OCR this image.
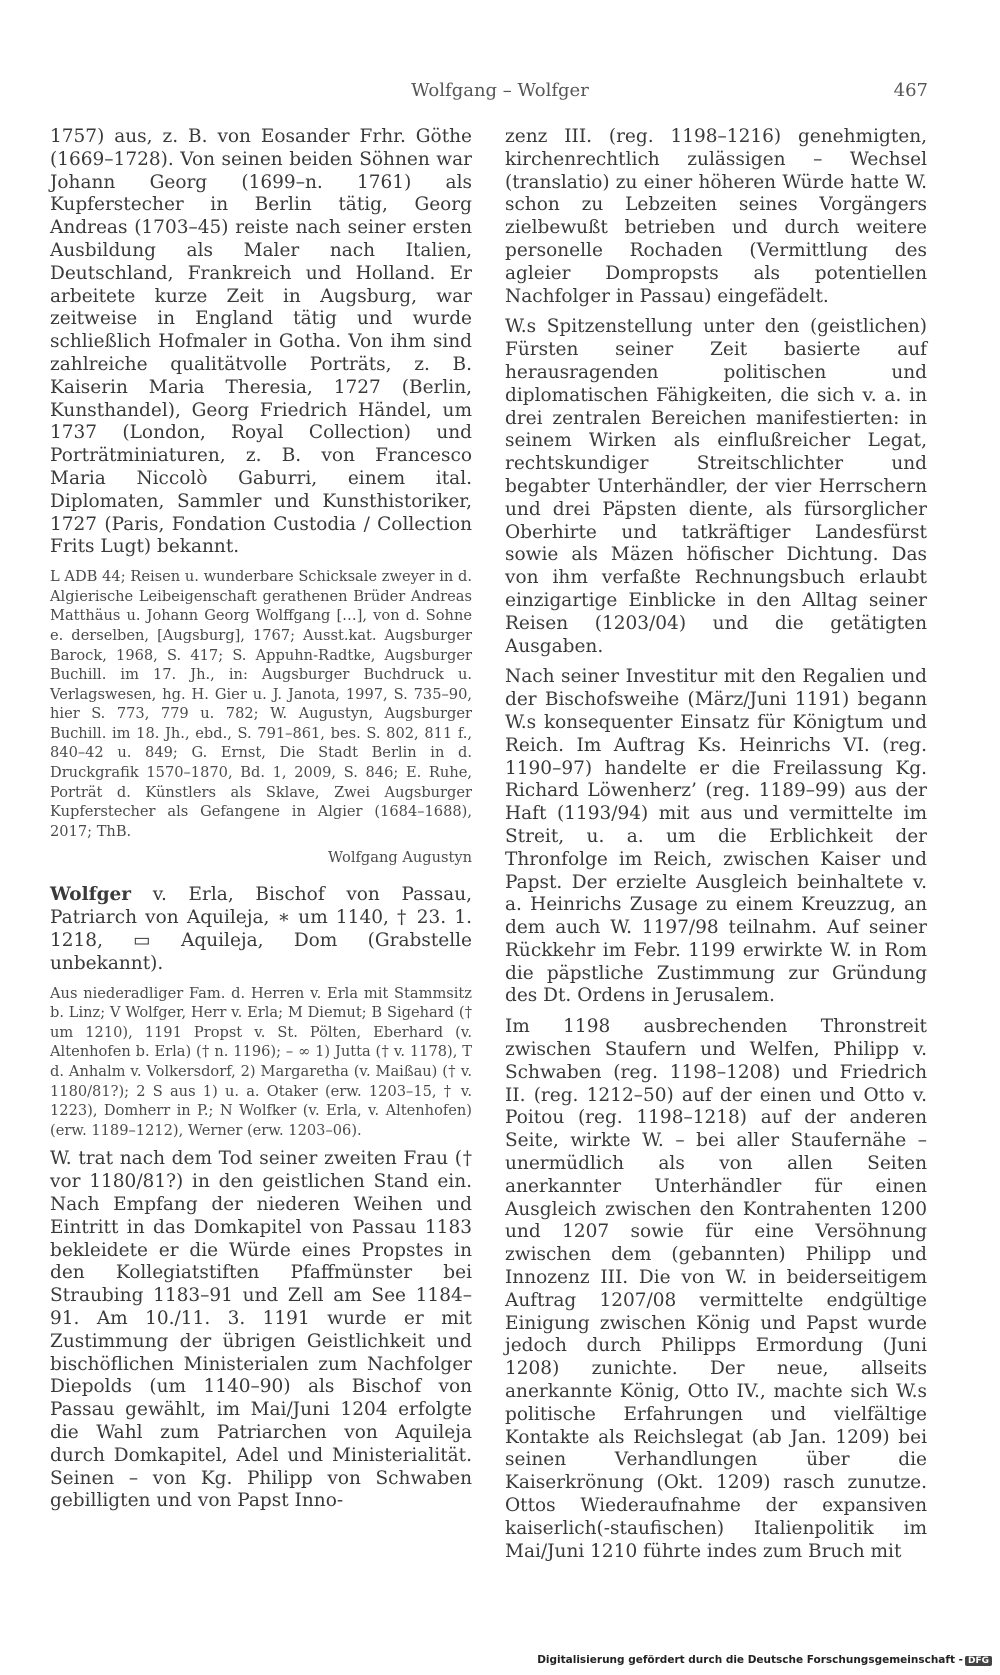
Wolfgang – Wolfger	467

1757) aus, z. B. von Eosander Frhr. Göthe (1669–1728). Von seinen beiden Söhnen war Johann Georg (1699–n. 1761) als Kupferstecher in Berlin tätig, Georg Andreas (1703–45) reiste nach seiner ersten Ausbildung als Maler nach Italien, Deutschland, Frankreich und Holland. Er arbeitete kurze Zeit in Augsburg, war zeitweise in England tätig und wurde schließlich Hofmaler in Gotha. Von ihm sind zahlreiche qualitätvolle Porträts, z. B. Kaiserin Maria Theresia, 1727 (Berlin, Kunsthandel), Georg Friedrich Händel, um 1737 (London, Royal Collection) und Porträtminiaturen, z. B. von Francesco Maria Niccolò Gaburri, einem ital. Diplomaten, Sammler und Kunsthistoriker, 1727 (Paris, Fondation Custodia / Collection Frits Lugt) bekannt.

L ADB 44; Reisen u. wunderbare Schicksale zweyer in d. Algierische Leibeigenschaft gerathenen Brüder Andreas Matthäus u. Johann Georg Wolffgang […], von d. Sohne e. derselben, [Augsburg], 1767; Ausst.kat. Augsburger Barock, 1968, S. 417; S. Appuhn-Radtke, Augsburger Buchill. im 17. Jh., in: Augsburger Buchdruck u. Verlagswesen, hg. H. Gier u. J. Janota, 1997, S. 735–90, hier S. 773, 779 u. 782; W. Augustyn, Augsburger Buchill. im 18. Jh., ebd., S. 791–861, bes. S. 802, 811 f., 840–42 u. 849; G. Ernst, Die Stadt Berlin in d. Druckgrafik 1570–1870, Bd. 1, 2009, S. 846; E. Ruhe, Porträt d. Künstlers als Sklave, Zwei Augsburger Kupferstecher als Gefangene in Algier (1684–1688), 2017; ThB.

Wolfgang Augustyn

Wolfger v. Erla, Bischof von Passau, Patriarch von Aquileja, ∗ um 1140, † 23. 1. 1218, ▭ Aquileja, Dom (Grabstelle unbekannt).

Aus niederadliger Fam. d. Herren v. Erla mit Stammsitz b. Linz; V Wolfger, Herr v. Erla; M Diemut; B Sigehard († um 1210), 1191 Propst v. St. Pölten, Eberhard (v. Altenhofen b. Erla) († n. 1196); – ∞ 1) Jutta († v. 1178), T d. Anhalm v. Volkersdorf, 2) Margaretha (v. Maißau) († v. 1180/81?); 2 S aus 1) u. a. Otaker (erw. 1203–15, † v. 1223), Domherr in P.; N Wolfker (v. Erla, v. Altenhofen) (erw. 1189–1212), Werner (erw. 1203–06).

W. trat nach dem Tod seiner zweiten Frau († vor 1180/81?) in den geistlichen Stand ein. Nach Empfang der niederen Weihen und Eintritt in das Domkapitel von Passau 1183 bekleidete er die Würde eines Propstes in den Kollegiatstiften Pfaffmünster bei Straubing 1183–91 und Zell am See 1184–91. Am 10./11. 3. 1191 wurde er mit Zustimmung der übrigen Geistlichkeit und bischöflichen Ministerialen zum Nachfolger Diepolds (um 1140–90) als Bischof von Passau gewählt, im Mai/Juni 1204 erfolgte die Wahl zum Patriarchen von Aquileja durch Domkapitel, Adel und Ministerialität. Seinen – von Kg. Philipp von Schwaben gebilligten und von Papst Inno-

zenz III. (reg. 1198–1216) genehmigten, kirchenrechtlich zulässigen – Wechsel (translatio) zu einer höheren Würde hatte W. schon zu Lebzeiten seines Vorgängers zielbewußt betrieben und durch weitere personelle Rochaden (Vermittlung des agleier Dompropsts als potentiellen Nachfolger in Passau) eingefädelt.

W.s Spitzenstellung unter den (geistlichen) Fürsten seiner Zeit basierte auf herausragenden politischen und diplomatischen Fähigkeiten, die sich v. a. in drei zentralen Bereichen manifestierten: in seinem Wirken als einflußreicher Legat, rechtskundiger Streitschlichter und begabter Unterhändler, der vier Herrschern und drei Päpsten diente, als fürsorglicher Oberhirte und tatkräftiger Landesfürst sowie als Mäzen höfischer Dichtung. Das von ihm verfaßte Rechnungsbuch erlaubt einzigartige Einblicke in den Alltag seiner Reisen (1203/04) und die getätigten Ausgaben.

Nach seiner Investitur mit den Regalien und der Bischofsweihe (März/Juni 1191) begann W.s konsequenter Einsatz für Königtum und Reich. Im Auftrag Ks. Heinrichs VI. (reg. 1190–97) handelte er die Freilassung Kg. Richard Löwenherz’ (reg. 1189–99) aus der Haft (1193/94) mit aus und vermittelte im Streit, u. a. um die Erblichkeit der Thronfolge im Reich, zwischen Kaiser und Papst. Der erzielte Ausgleich beinhaltete v. a. Heinrichs Zusage zu einem Kreuzzug, an dem auch W. 1197/98 teilnahm. Auf seiner Rückkehr im Febr. 1199 erwirkte W. in Rom die päpstliche Zustimmung zur Gründung des Dt. Ordens in Jerusalem.

Im 1198 ausbrechenden Thronstreit zwischen Staufern und Welfen, Philipp v. Schwaben (reg. 1198–1208) und Friedrich II. (reg. 1212–50) auf der einen und Otto v. Poitou (reg. 1198–1218) auf der anderen Seite, wirkte W. – bei aller Staufernähe – unermüdlich als von allen Seiten anerkannter Unterhändler für einen Ausgleich zwischen den Kontrahenten 1200 und 1207 sowie für eine Versöhnung zwischen dem (gebannten) Philipp und Innozenz III. Die von W. in beiderseitigem Auftrag 1207/08 vermittelte endgültige Einigung zwischen König und Papst wurde jedoch durch Philipps Ermordung (Juni 1208) zunichte. Der neue, allseits anerkannte König, Otto IV., machte sich W.s politische Erfahrungen und vielfältige Kontakte als Reichslegat (ab Jan. 1209) bei seinen Verhandlungen über die Kaiserkrönung (Okt. 1209) rasch zunutze. Ottos Wiederaufnahme der expansiven kaiserlich(-staufischen) Italienpolitik im Mai/Juni 1210 führte indes zum Bruch mit

Digitalisierung gefördert durch die Deutsche Forschungsgemeinschaft - DFG
